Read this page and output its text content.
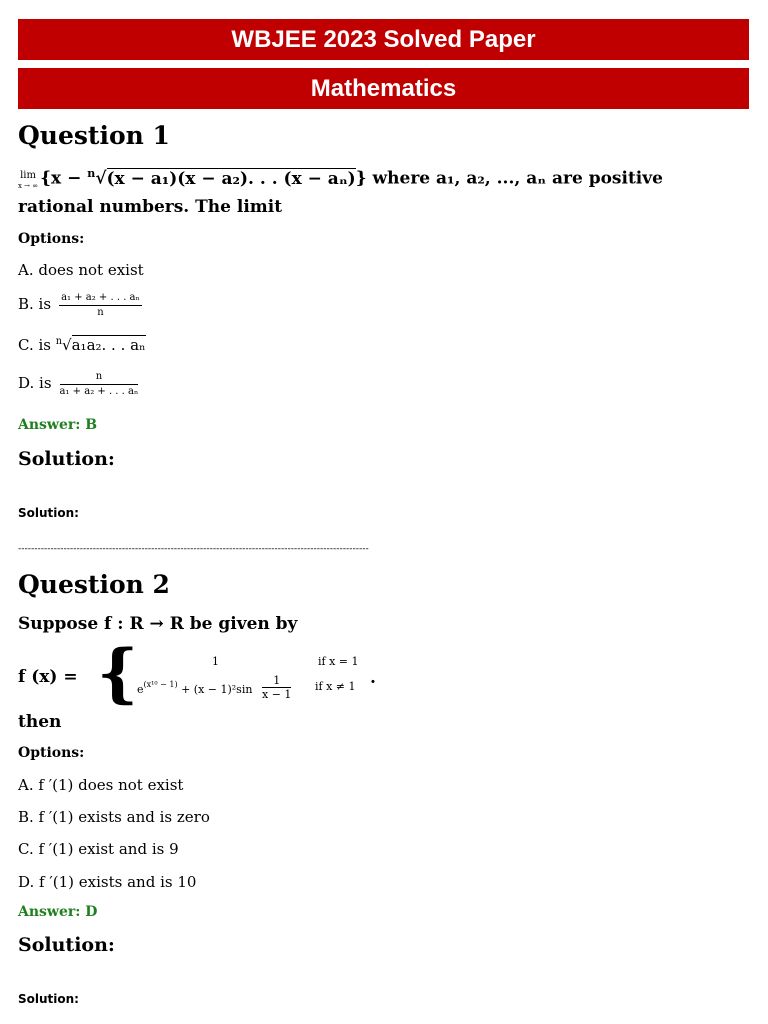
WBJEE 2023 Solved Paper
Mathematics
Question 1
lim
x → ∞ {x − $^n$√(x − a₁)(x − a₂). . . (x − aₙ)} where a₁, a₂, ..., aₙ are positive
rational numbers. The limit
Options:
A. does not exist
B. is $\frac{\text{a₁ + a₂ + . . . aₙ}}{n}$
C. is $^n$√a₁a₂. . . aₙ
D. is $\frac{n}{\text{a₁ + a₂ + . . . aₙ}}$
Answer: B
Solution:
Solution:
------------------------------------------------------------------------------------------------------------
Question 2
Suppose f : R → R be given by
f (x) = {	1	if x = 1
$e^{(x^{10} - 1)} + (x - 1)^2\sin$
1
x − 1
if x ≠ 1 .
then
Options:
A. f ′(1) does not exist
B. f ′(1) exists and is zero
C. f ′(1) exist and is 9
D. f ′(1) exists and is 10
Answer: D
Solution:
Solution:
